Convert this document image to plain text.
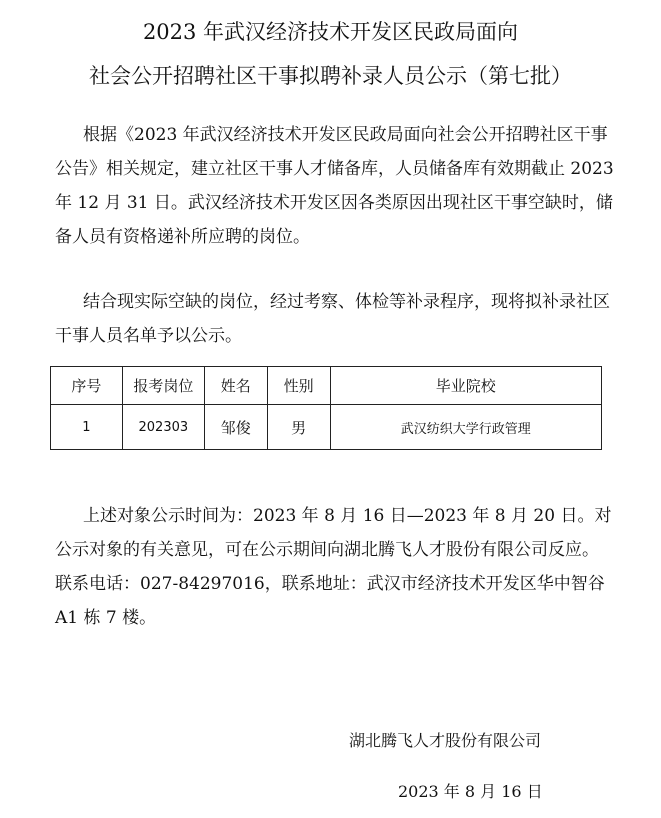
2023 年武汉经济技术开发区民政局面向
社会公开招聘社区干事拟聘补录人员公示（第七批）

根据《2023 年武汉经济技术开发区民政局面向社会公开招聘社区干事公告》相关规定，建立社区干事人才储备库，人员储备库有效期截止 2023 年 12 月 31 日。武汉经济技术开发区因各类原因出现社区干事空缺时，储备人员有资格递补所应聘的岗位。

结合现实际空缺的岗位，经过考察、体检等补录程序，现将拟补录社区干事人员名单予以公示。

序号	报考岗位	姓名	性别	毕业院校
1	202303	邹俊	男	武汉纺织大学行政管理

上述对象公示时间为：2023 年 8 月 16 日—2023 年 8 月 20 日。对公示对象的有关意见，可在公示期间向湖北腾飞人才股份有限公司反应。联系电话：027-84297016，联系地址：武汉市经济技术开发区华中智谷 A1 栋 7 楼。

湖北腾飞人才股份有限公司
2023 年 8 月 16 日
